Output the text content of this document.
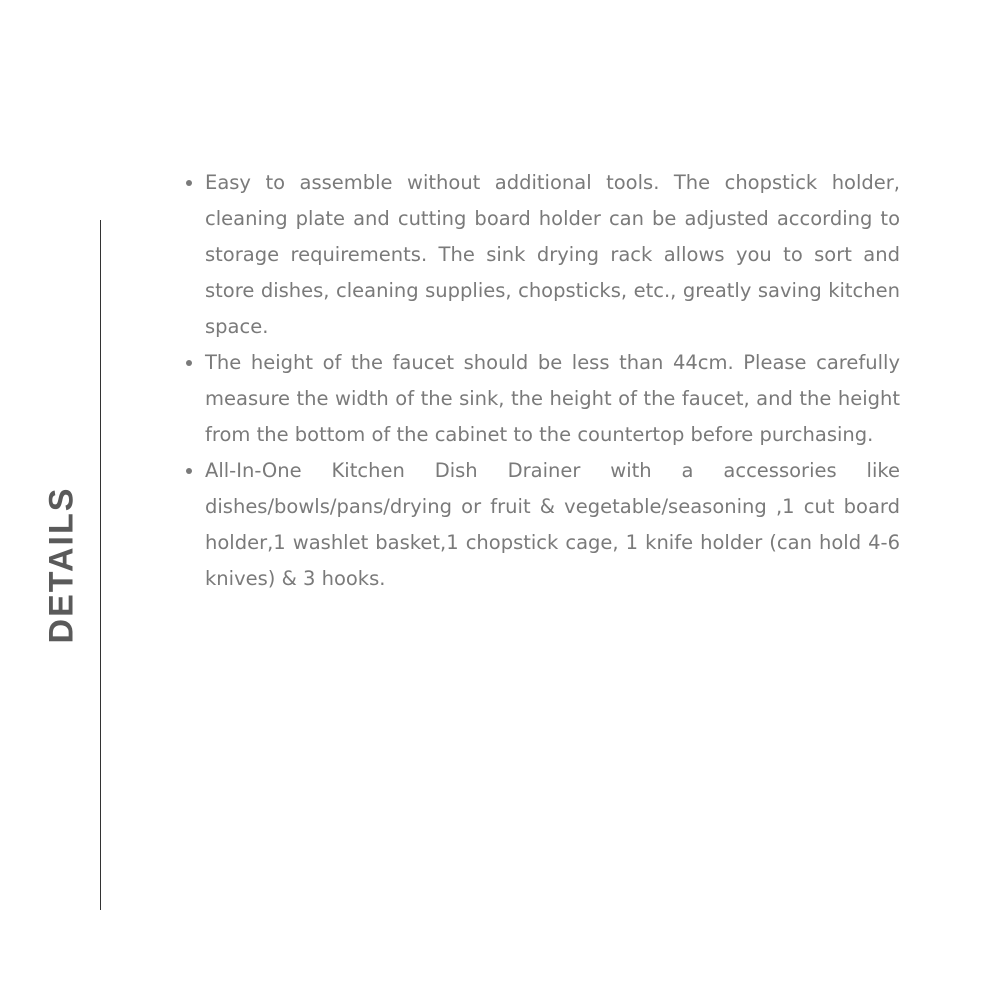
DETAILS
Easy to assemble without additional tools. The chopstick holder, cleaning plate and cutting board holder can be adjusted according to storage requirements. The sink drying rack allows you to sort and store dishes, cleaning supplies, chopsticks, etc., greatly saving kitchen space.
The height of the faucet should be less than 44cm. Please carefully measure the width of the sink, the height of the faucet, and the height from the bottom of the cabinet to the countertop before purchasing.
All-In-One Kitchen Dish Drainer with a accessories like dishes/bowls/pans/drying or fruit & vegetable/seasoning ,1 cut board holder,1 washlet basket,1 chopstick cage, 1 knife holder (can hold 4-6 knives) & 3 hooks.
